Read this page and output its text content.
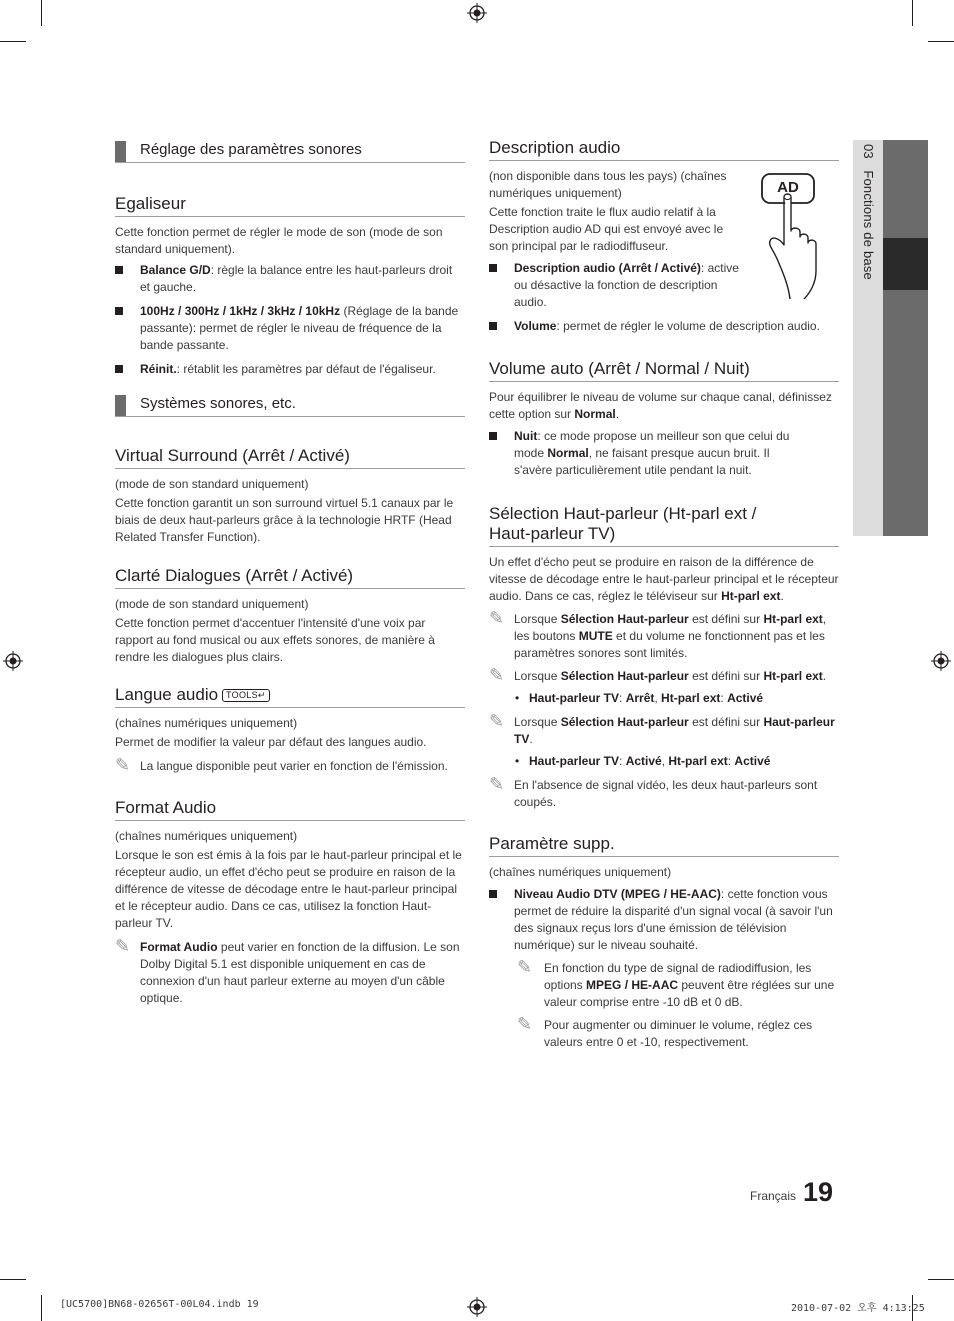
03   Fonctions de base
Réglage des paramètres sonores
Egaliseur
Cette fonction permet de régler le mode de son (mode de son standard uniquement).
Balance G/D: règle la balance entre les haut-parleurs droit et gauche.
100Hz / 300Hz / 1kHz / 3kHz / 10kHz (Réglage de la bande passante): permet de régler le niveau de fréquence de la bande passante.
Réinit.: rétablit les paramètres par défaut de l'égaliseur.
Systèmes sonores, etc.
Virtual Surround (Arrêt / Activé)
(mode de son standard uniquement)
Cette fonction garantit un son surround virtuel 5.1 canaux par le biais de deux haut-parleurs grâce à la technologie HRTF (Head Related Transfer Function).
Clarté Dialogues (Arrêt / Activé)
(mode de son standard uniquement)
Cette fonction permet d'accentuer l'intensité d'une voix par rapport au fond musical ou aux effets sonores, de manière à rendre les dialogues plus clairs.
Langue audio TOOLS↵
(chaînes numériques uniquement)
Permet de modifier la valeur par défaut des langues audio.
✎ La langue disponible peut varier en fonction de l'émission.
Format Audio
(chaînes numériques uniquement)
Lorsque le son est émis à la fois par le haut-parleur principal et le récepteur audio, un effet d'écho peut se produire en raison de la différence de vitesse de décodage entre le haut-parleur principal et le récepteur audio. Dans ce cas, utilisez la fonction Haut-parleur TV.
✎ Format Audio peut varier en fonction de la diffusion. Le son Dolby Digital 5.1 est disponible uniquement en cas de connexion d'un haut parleur externe au moyen d'un câble optique.
Description audio
(non disponible dans tous les pays) (chaînes numériques uniquement)
Cette fonction traite le flux audio relatif à la Description audio AD qui est envoyé avec le son principal par le radiodiffuseur.
Description audio (Arrêt / Activé): active ou désactive la fonction de description audio.
Volume: permet de régler le volume de description audio.
Volume auto (Arrêt / Normal / Nuit)
Pour équilibrer le niveau de volume sur chaque canal, définissez cette option sur Normal.
Nuit: ce mode propose un meilleur son que celui du mode Normal, ne faisant presque aucun bruit. Il s'avère particulièrement utile pendant la nuit.
Sélection Haut-parleur (Ht-parl ext /
Haut-parleur TV)
Un effet d'écho peut se produire en raison de la différence de vitesse de décodage entre le haut-parleur principal et le récepteur audio. Dans ce cas, réglez le téléviseur sur Ht-parl ext.
✎ Lorsque Sélection Haut-parleur est défini sur Ht-parl ext, les boutons MUTE et du volume ne fonctionnent pas et les paramètres sonores sont limités.
✎ Lorsque Sélection Haut-parleur est défini sur Ht-parl ext.
• Haut-parleur TV: Arrêt, Ht-parl ext: Activé
✎ Lorsque Sélection Haut-parleur est défini sur Haut-parleur TV.
• Haut-parleur TV: Activé, Ht-parl ext: Activé
✎ En l'absence de signal vidéo, les deux haut-parleurs sont coupés.
Paramètre supp.
(chaînes numériques uniquement)
Niveau Audio DTV (MPEG / HE-AAC): cette fonction vous permet de réduire la disparité d'un signal vocal (à savoir l'un des signaux reçus lors d'une émission de télévision numérique) sur le niveau souhaité.
✎ En fonction du type de signal de radiodiffusion, les options MPEG / HE-AAC peuvent être réglées sur une valeur comprise entre -10 dB et 0 dB.
✎ Pour augmenter ou diminuer le volume, réglez ces valeurs entre 0 et -10, respectivement.
AD
Français 19
[UC5700]BN68-02656T-00L04.indb 19	2010-07-02 오후 4:13:25
